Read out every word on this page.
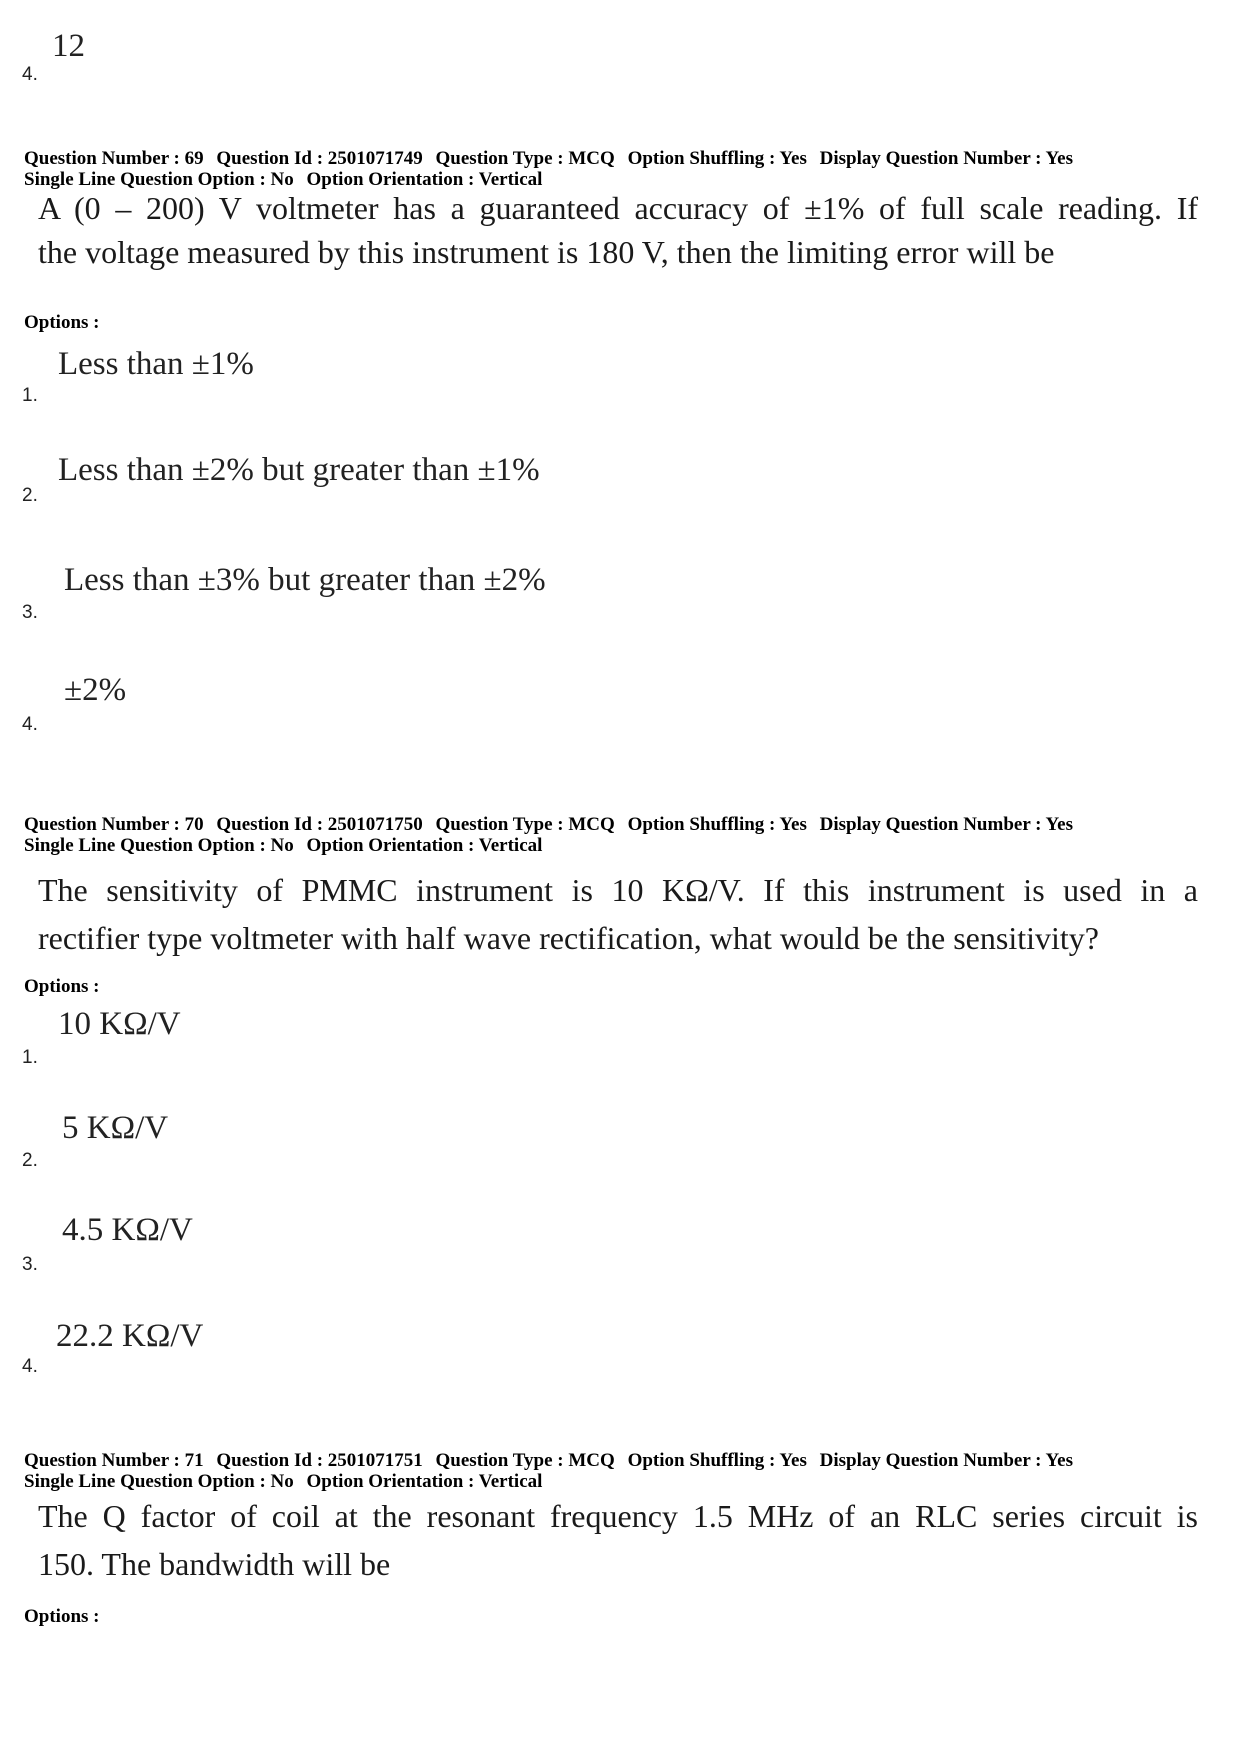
4.
12
Question Number : 69 Question Id : 2501071749 Question Type : MCQ Option Shuffling : Yes Display Question Number : Yes
Single Line Question Option : No Option Orientation : Vertical
A (0 – 200) V voltmeter has a guaranteed accuracy of ±1% of full scale reading. If
the voltage measured by this instrument is 180 V, then the limiting error will be
Options :
1.
Less than ±1%
2.
Less than ±2% but greater than ±1%
3.
Less than ±3% but greater than ±2%
4.
±2%
Question Number : 70 Question Id : 2501071750 Question Type : MCQ Option Shuffling : Yes Display Question Number : Yes
Single Line Question Option : No Option Orientation : Vertical
The sensitivity of PMMC instrument is 10 KΩ/V. If this instrument is used in a
rectifier type voltmeter with half wave rectification, what would be the sensitivity?
Options :
1.
10 KΩ/V
2.
5 KΩ/V
3.
4.5 KΩ/V
4.
22.2 KΩ/V
Question Number : 71 Question Id : 2501071751 Question Type : MCQ Option Shuffling : Yes Display Question Number : Yes
Single Line Question Option : No Option Orientation : Vertical
The Q factor of coil at the resonant frequency 1.5 MHz of an RLC series circuit is
150. The bandwidth will be
Options :
